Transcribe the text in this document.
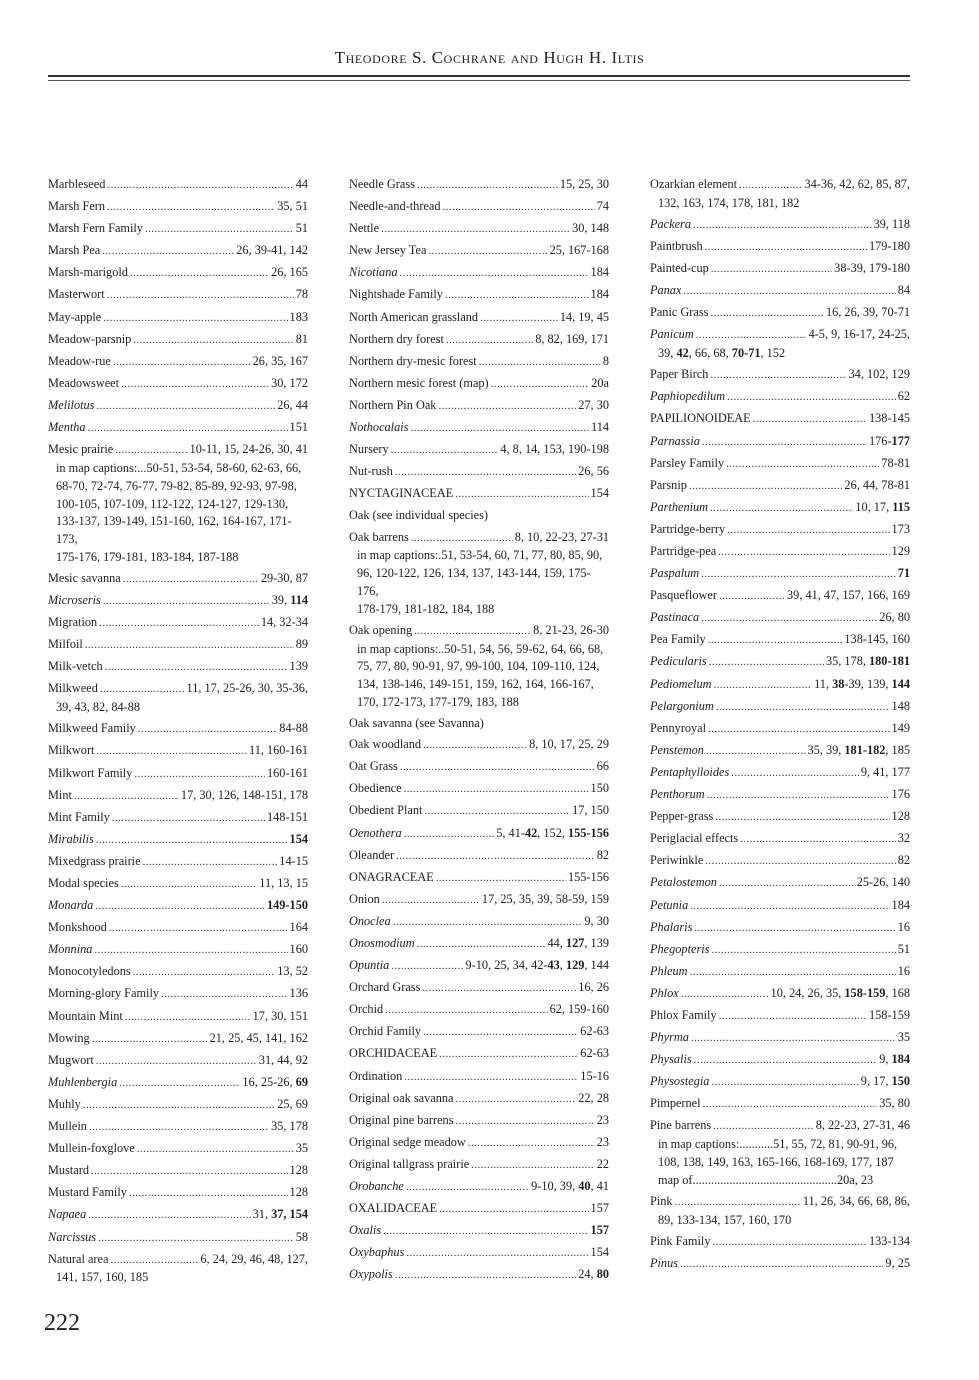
Theodore S. Cochrane and Hugh H. Iltis
Marbleseed .....	44
Marsh Fern .....	35, 51
Marsh Fern Family .....	51
Marsh Pea .....	26, 39-41, 142
Marsh-marigold .....	26, 165
Masterwort .....	78
May-apple .....	183
Meadow-parsnip .....	81
Meadow-rue .....	26, 35, 167
Meadowsweet .....	30, 172
Melilotus .....	26, 44
Mentha .....	151
Mesic prairie .....	10-11, 15, 24-26, 30, 41
in map captions:...50-51, 53-54, 58-60, 62-63, 66,
68-70, 72-74, 76-77, 79-82, 85-89, 92-93, 97-98,
100-105, 107-109, 112-122, 124-127, 129-130,
133-137, 139-149, 151-160, 162, 164-167, 171-173,
175-176, 179-181, 183-184, 187-188
Mesic savanna .....	29-30, 87
Microseris .....	39, 114
Migration .....	14, 32-34
Milfoil .....	89
Milk-vetch .....	139
Milkweed .....	11, 17, 25-26, 30, 35-36,
39, 43, 82, 84-88
Milkweed Family .....	84-88
Milkwort .....	11, 160-161
Milkwort Family .....	160-161
Mint .....	17, 30, 126, 148-151, 178
Mint Family .....	148-151
Mirabilis .....	154
Mixedgrass prairie .....	14-15
Modal species .....	11, 13, 15
Monarda .....	149-150
Monkshood .....	164
Monnina .....	160
Monocotyledons .....	13, 52
Morning-glory Family .....	136
Mountain Mint .....	17, 30, 151
Mowing .....	21, 25, 45, 141, 162
Mugwort .....	31, 44, 92
Muhlenbergia .....	16, 25-26, 69
Muhly .....	25, 69
Mullein .....	35, 178
Mullein-foxglove .....	35
Mustard .....	128
Mustard Family .....	128
Napaea .....	31, 37, 154
Narcissus .....	58
Natural area .....	6, 24, 29, 46, 48, 127,
141, 157, 160, 185
Needle Grass .....	15, 25, 30
Needle-and-thread .....	74
Nettle .....	30, 148
New Jersey Tea .....	25, 167-168
Nicotiana .....	184
Nightshade Family .....	184
North American grassland .....	14, 19, 45
Northern dry forest .....	8, 82, 169, 171
Northern dry-mesic forest .....	8
Northern mesic forest (map) .....	20a
Northern Pin Oak .....	27, 30
Nothocalais .....	114
Nursery .....	4, 8, 14, 153, 190-198
Nut-rush .....	26, 56
NYCTAGINACEAE .....	154
Oak (see individual species)
Oak barrens .....	8, 10, 22-23, 27-31
in map captions:.51, 53-54, 60, 71, 77, 80, 85, 90,
96, 120-122, 126, 134, 137, 143-144, 159, 175-176,
178-179, 181-182, 184, 188
Oak opening .....	8, 21-23, 26-30
in map captions:..50-51, 54, 56, 59-62, 64, 66, 68,
75, 77, 80, 90-91, 97, 99-100, 104, 109-110, 124,
134, 138-146, 149-151, 159, 162, 164, 166-167,
170, 172-173, 177-179, 183, 188
Oak savanna (see Savanna)
Oak woodland .....	8, 10, 17, 25, 29
Oat Grass .....	66
Obedience .....	150
Obedient Plant .....	17, 150
Oenothera .....	5, 41-42, 152, 155-156
Oleander .....	82
ONAGRACEAE .....	155-156
Onion .....	17, 25, 35, 39, 58-59, 159
Onoclea .....	9, 30
Onosmodium .....	44, 127, 139
Opuntia .....	9-10, 25, 34, 42-43, 129, 144
Orchard Grass .....	16, 26
Orchid .....	62, 159-160
Orchid Family .....	62-63
ORCHIDACEAE .....	62-63
Ordination .....	15-16
Original oak savanna .....	22, 28
Original pine barrens .....	23
Original sedge meadow .....	23
Original tallgrass prairie .....	22
Orobanche .....	9-10, 39, 40, 41
OXALIDACEAE .....	157
Oxalis .....	157
Oxybaphus .....	154
Oxypolis .....	24, 80
Ozarkian element .....	34-36, 42, 62, 85, 87,
132, 163, 174, 178, 181, 182
Packera .....	39, 118
Paintbrush .....	179-180
Painted-cup .....	38-39, 179-180
Panax .....	84
Panic Grass .....	16, 26, 39, 70-71
Panicum .....	4-5, 9, 16-17, 24-25,
39, 42, 66, 68, 70-71, 152
Paper Birch .....	34, 102, 129
Paphiopedilum .....	62
PAPILIONOIDEAE .....	138-145
Parnassia .....	176-177
Parsley Family .....	78-81
Parsnip .....	26, 44, 78-81
Parthenium .....	10, 17, 115
Partridge-berry .....	173
Partridge-pea .....	129
Paspalum .....	71
Pasqueflower .....	39, 41, 47, 157, 166, 169
Pastinaca .....	26, 80
Pea Family .....	138-145, 160
Pedicularis .....	35, 178, 180-181
Pediomelum .....	11, 38-39, 139, 144
Pelargonium .....	148
Pennyroyal .....	149
Penstemon .....	35, 39, 181-182, 185
Pentaphylloides .....	9, 41, 177
Penthorum .....	176
Pepper-grass .....	128
Periglacial effects .....	32
Periwinkle .....	82
Petalostemon .....	25-26, 140
Petunia .....	184
Phalaris .....	16
Phegopteris .....	51
Phleum .....	16
Phlox .....	10, 24, 26, 35, 158-159, 168
Phlox Family .....	158-159
Phyrma .....	35
Physalis .....	9, 184
Physostegia .....	9, 17, 150
Pimpernel .....	35, 80
Pine barrens .....	8, 22-23, 27-31, 46
in map captions:...........51, 55, 72, 81, 90-91, 96,
108, 138, 149, 163, 165-166, 168-169, 177, 187
map of...............................................20a, 23
Pink .....	11, 26, 34, 66, 68, 86,
89, 133-134, 157, 160, 170
Pink Family .....	133-134
Pinus .....	9, 25
222
